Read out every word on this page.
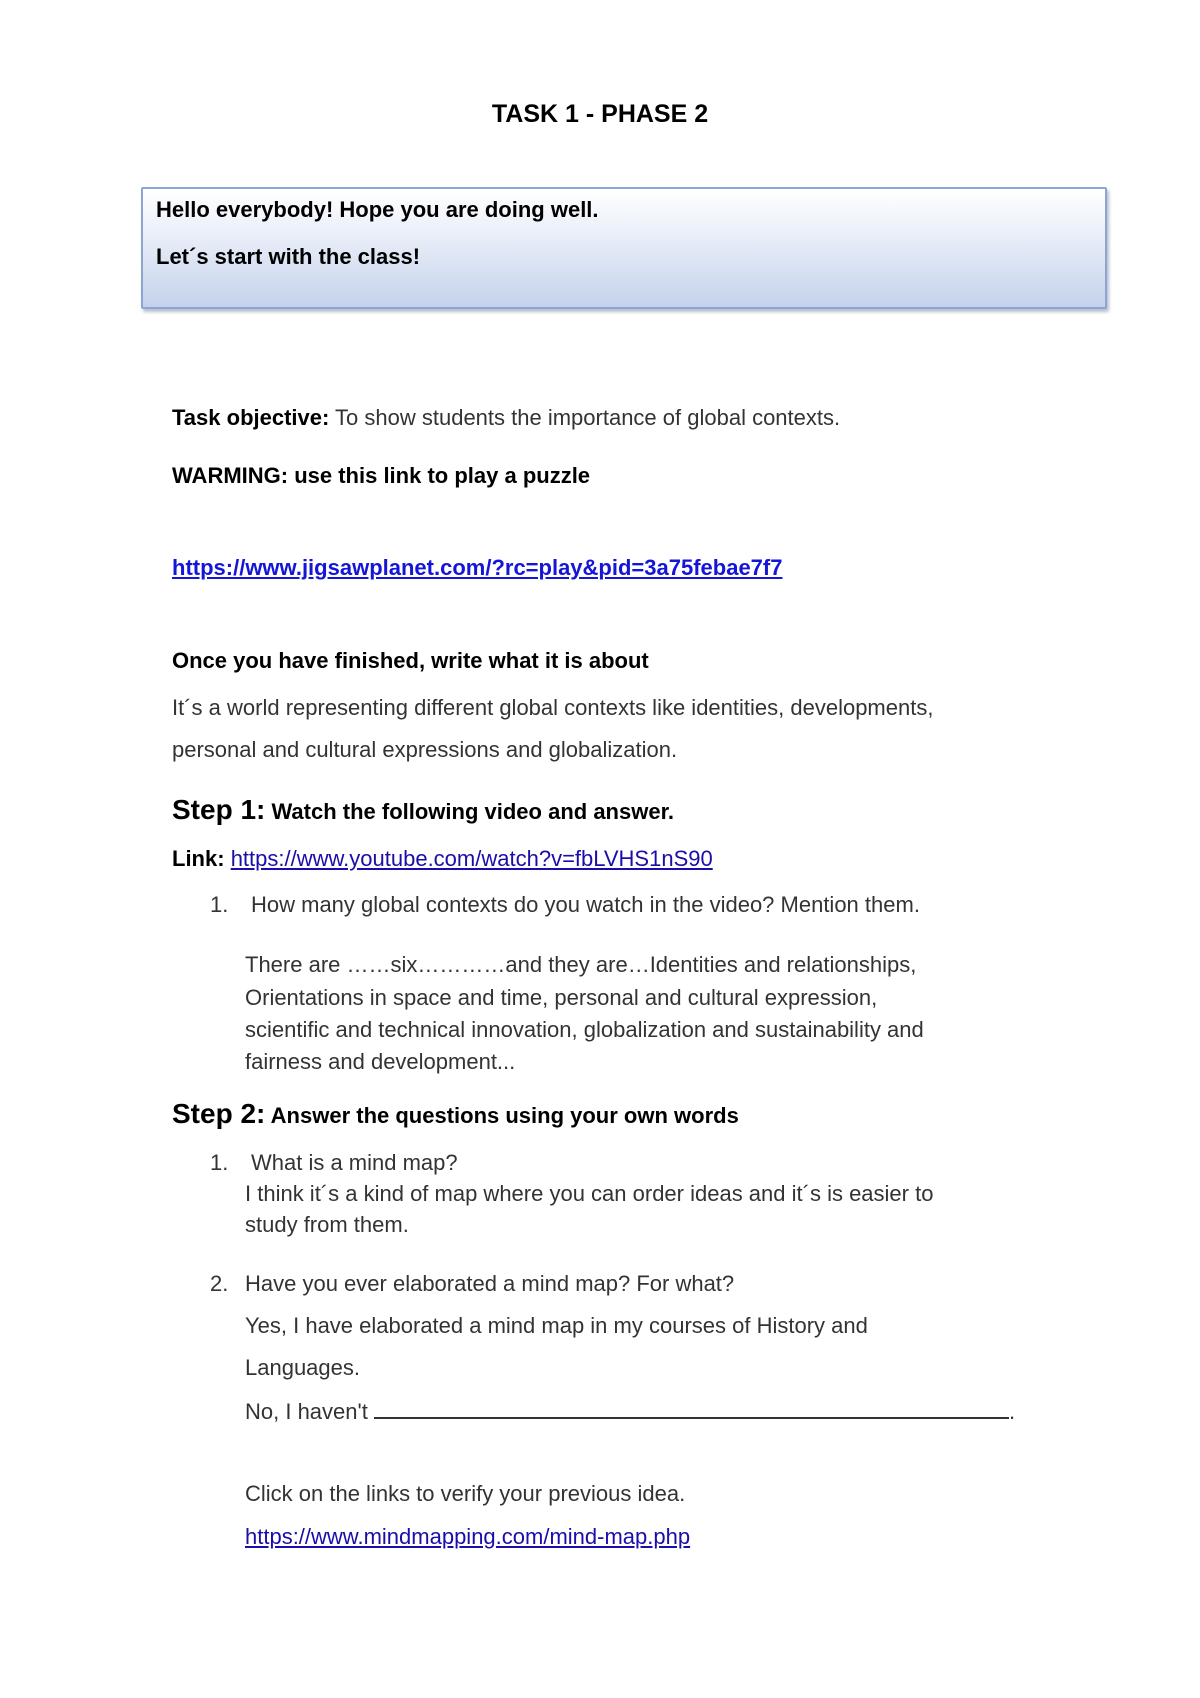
TASK 1 - PHASE 2
Hello everybody! Hope you are doing well.
Let´s start with the class!
Task objective: To show students the importance of global contexts.
WARMING: use this link to play a puzzle
https://www.jigsawplanet.com/?rc=play&pid=3a75febae7f7
Once you have finished, write what it is about
It´s a world representing different global contexts like identities, developments,
personal and cultural expressions and globalization.
Step 1: Watch the following video and answer.
Link: https://www.youtube.com/watch?v=fbLVHS1nS90
1. How many global contexts do you watch in the video? Mention them.
There are ……six…………and they are…Identities and relationships,
Orientations in space and time, personal and cultural expression,
scientific and technical innovation, globalization and sustainability and
fairness and development...
Step 2: Answer the questions using your own words
1. What is a mind map?
I think it´s a kind of map where you can order ideas and it´s is easier to
study from them.
2. Have you ever elaborated a mind map? For what?
Yes, I have elaborated a mind map in my courses of History and
Languages.
No, I haven't	.
Click on the links to verify your previous idea.
https://www.mindmapping.com/mind-map.php
